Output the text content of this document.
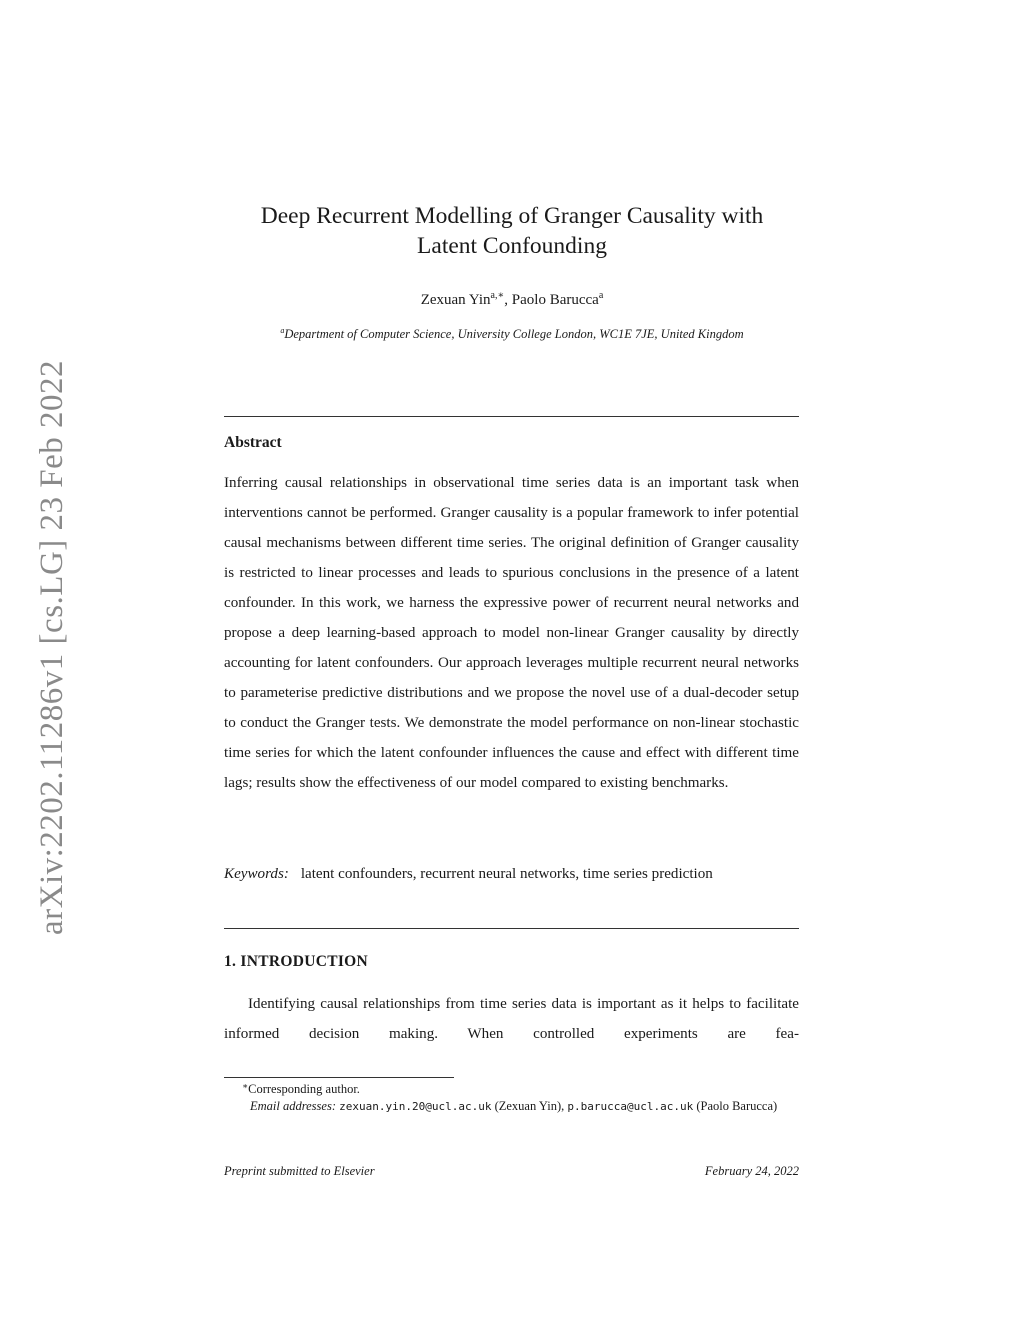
arXiv:2202.11286v1 [cs.LG] 23 Feb 2022
Deep Recurrent Modelling of Granger Causality with
Latent Confounding
Zexuan Yin$^{a,∗}$, Paolo Barucca$^a$
$^a$Department of Computer Science, University College London, WC1E 7JE, United Kingdom
Abstract
Inferring causal relationships in observational time series data is an important task when interventions cannot be performed. Granger causality is a popular framework to infer potential causal mechanisms between different time series. The original definition of Granger causality is restricted to linear processes and leads to spurious conclusions in the presence of a latent confounder. In this work, we harness the expressive power of recurrent neural networks and propose a deep learning-based approach to model non-linear Granger causality by directly accounting for latent confounders. Our approach leverages multiple recurrent neural networks to parameterise predictive distributions and we propose the novel use of a dual-decoder setup to conduct the Granger tests. We demonstrate the model performance on non-linear stochastic time series for which the latent confounder influences the cause and effect with different time lags; results show the effectiveness of our model compared to existing benchmarks.
Keywords: latent confounders, recurrent neural networks, time series prediction
1. INTRODUCTION
Identifying causal relationships from time series data is important as it helps to facilitate informed decision making. When controlled experiments are fea-
∗Corresponding author.
Email addresses: zexuan.yin.20@ucl.ac.uk (Zexuan Yin), p.barucca@ucl.ac.uk (Paolo Barucca)
Preprint submitted to Elsevier	February 24, 2022
